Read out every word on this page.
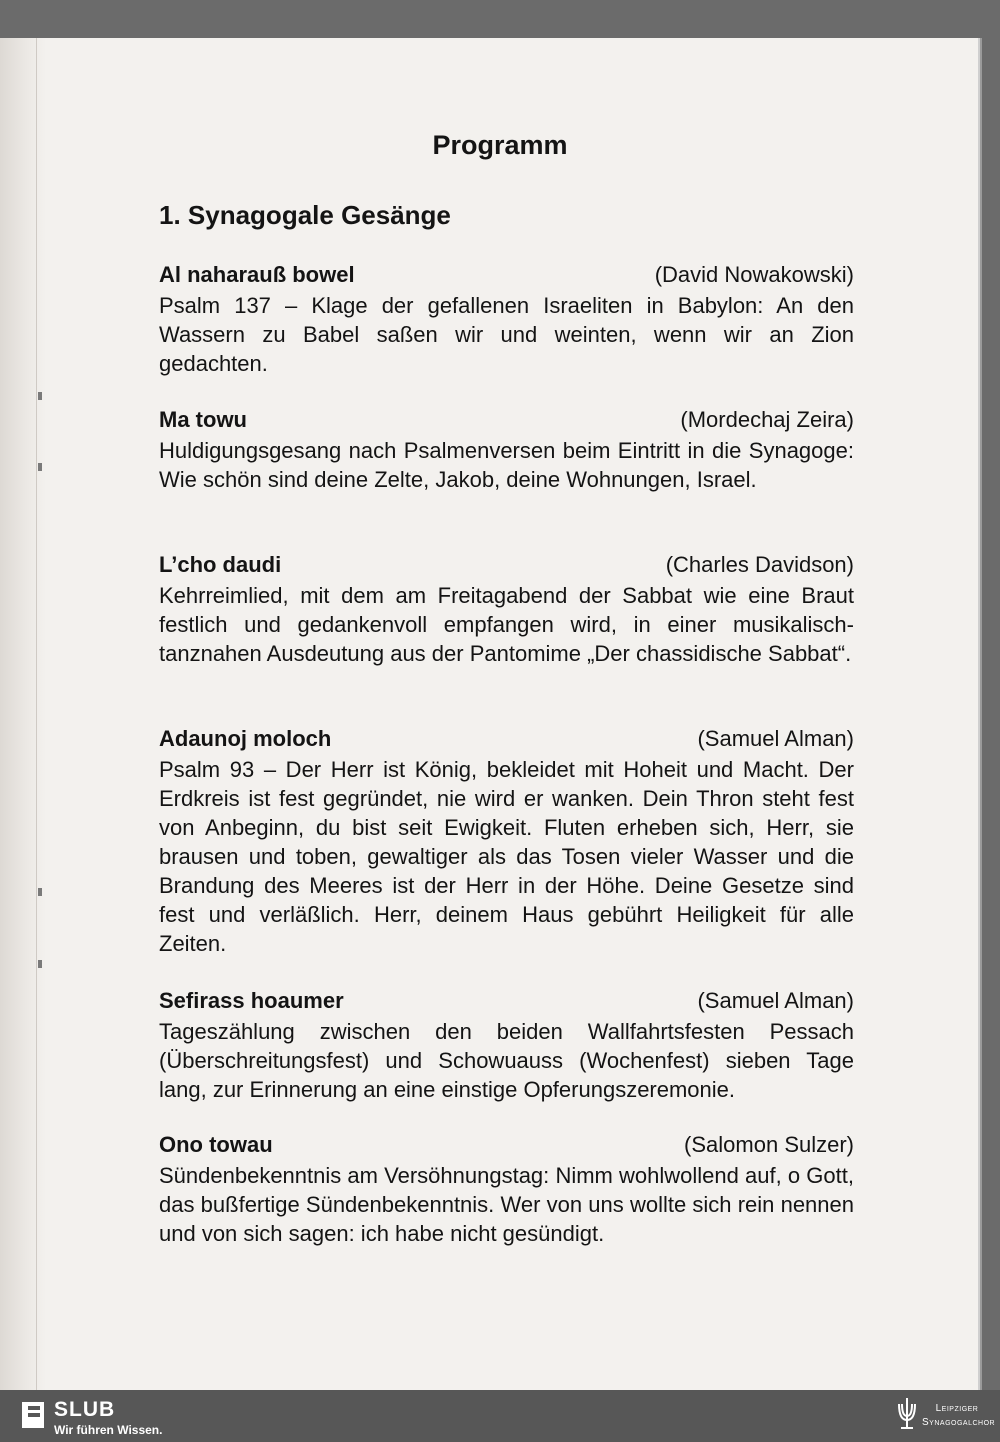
Programm
1. Synagogale Gesänge
Al naharauß bowel	(David Nowakowski)
Psalm 137 – Klage der gefallenen Israeliten in Babylon: An den Wassern zu Babel saßen wir und weinten, wenn wir an Zion gedachten.
Ma towu	(Mordechaj Zeira)
Huldigungsgesang nach Psalmenversen beim Eintritt in die Synagoge: Wie schön sind deine Zelte, Jakob, deine Wohnungen, Israel.
L’cho daudi	(Charles Davidson)
Kehrreimlied, mit dem am Freitagabend der Sabbat wie eine Braut festlich und gedankenvoll empfangen wird, in einer musikalisch-tanznahen Ausdeutung aus der Pantomime „Der chassidische Sabbat“.
Adaunoj moloch	(Samuel Alman)
Psalm 93 – Der Herr ist König, bekleidet mit Hoheit und Macht. Der Erdkreis ist fest gegründet, nie wird er wanken. Dein Thron steht fest von Anbeginn, du bist seit Ewigkeit. Fluten erheben sich, Herr, sie brausen und toben, gewaltiger als das Tosen vieler Wasser und die Brandung des Meeres ist der Herr in der Höhe. Deine Gesetze sind fest und verläßlich. Herr, deinem Haus gebührt Heiligkeit für alle Zeiten.
Sefirass hoaumer	(Samuel Alman)
Tageszählung zwischen den beiden Wallfahrtsfesten Pessach (Überschreitungsfest) und Schowuauss (Wochenfest) sieben Tage lang, zur Erinnerung an eine einstige Opferungszeremonie.
Ono towau	(Salomon Sulzer)
Sündenbekenntnis am Versöhnungstag: Nimm wohlwollend auf, o Gott, das bußfertige Sündenbekenntnis. Wer von uns wollte sich rein nennen und von sich sagen: ich habe nicht gesündigt.
SLUB
Wir führen Wissen.
Leipziger
Synagogalchor
